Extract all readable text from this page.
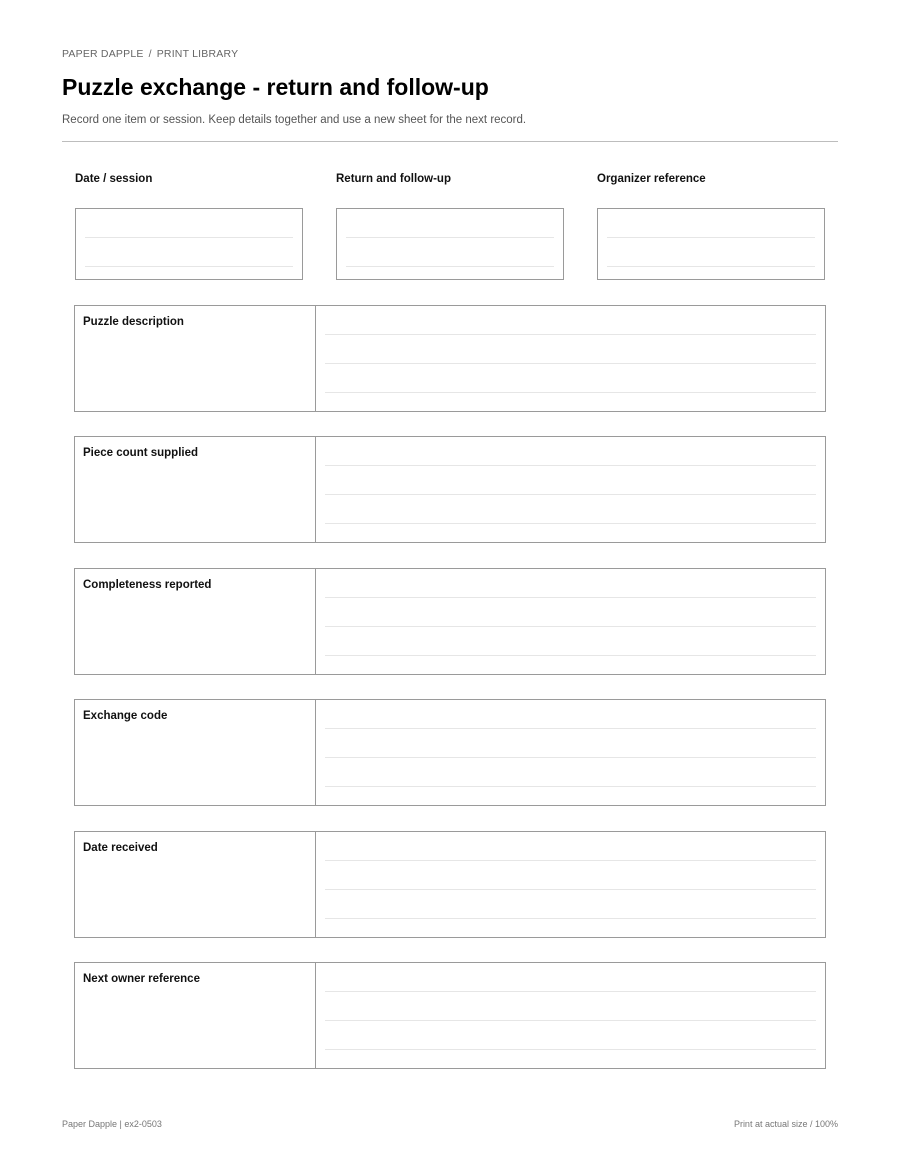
PAPER DAPPLE / PRINT LIBRARY
Puzzle exchange - return and follow-up
Record one item or session. Keep details together and use a new sheet for the next record.
Date / session	Return and follow-up	Organizer reference
Puzzle description
Piece count supplied
Completeness reported
Exchange code
Date received
Next owner reference
Paper Dapple | ex2-0503	Print at actual size / 100%
